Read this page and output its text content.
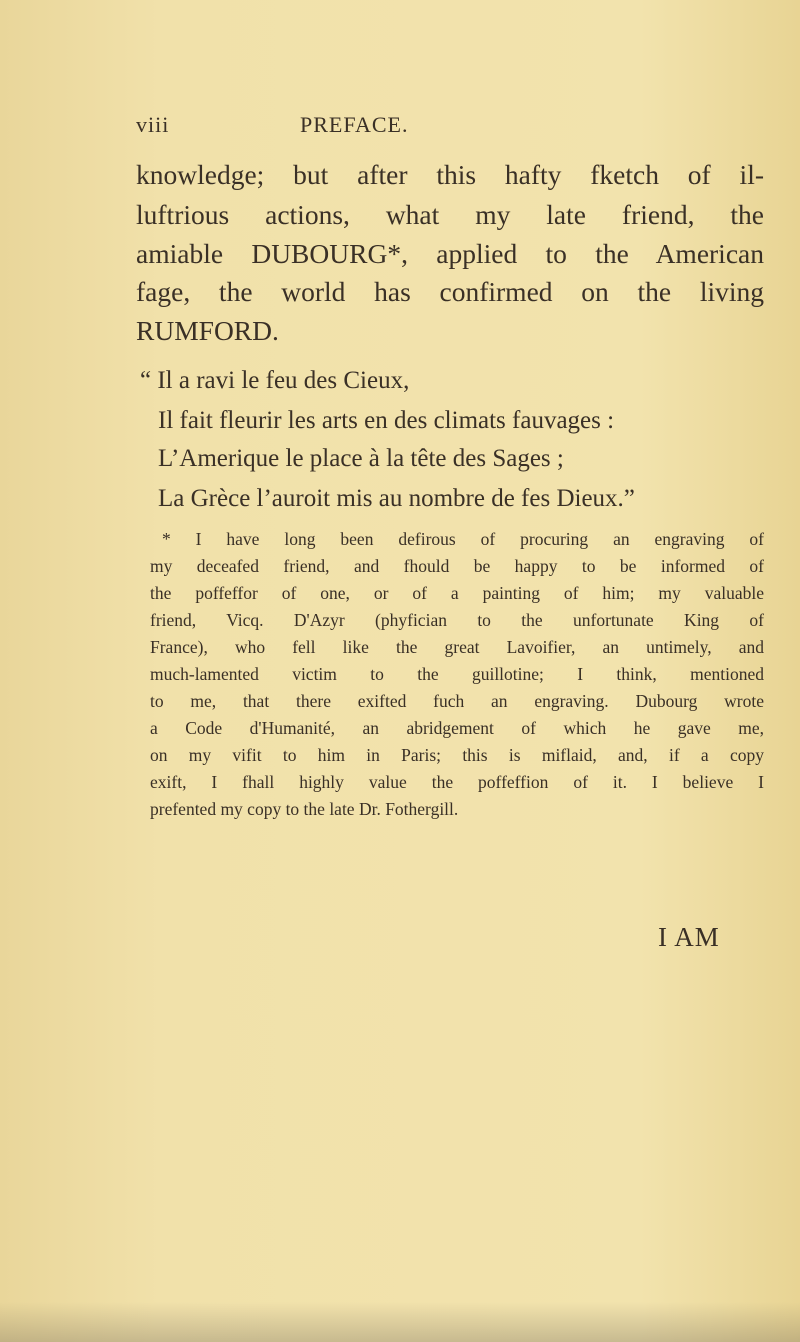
viii	PREFACE.
knowledge; but after this hafty fketch of il-
luftrious actions, what my late friend, the
amiable DUBOURG*, applied to the American
fage, the world has confirmed on the living
RUMFORD.
“ Il a ravi le feu des Cieux,
Il fait fleurir les arts en des climats fauvages :
L’Amerique le place à la tête des Sages ;
La Grèce l’auroit mis au nombre de fes Dieux.”
* I have long been defirous of procuring an engraving of
my deceafed friend, and fhould be happy to be informed of
the poffeffor of one, or of a painting of him; my valuable
friend, Vicq. D'Azyr (phyfician to the unfortunate King of
France), who fell like the great Lavoifier, an untimely, and
much-lamented victim to the guillotine; I think, mentioned
to me, that there exifted fuch an engraving. Dubourg wrote
a Code d'Humanité, an abridgement of which he gave me,
on my vifit to him in Paris; this is miflaid, and, if a copy
exift, I fhall highly value the poffeffion of it. I believe I
prefented my copy to the late Dr. Fothergill.
I AM
